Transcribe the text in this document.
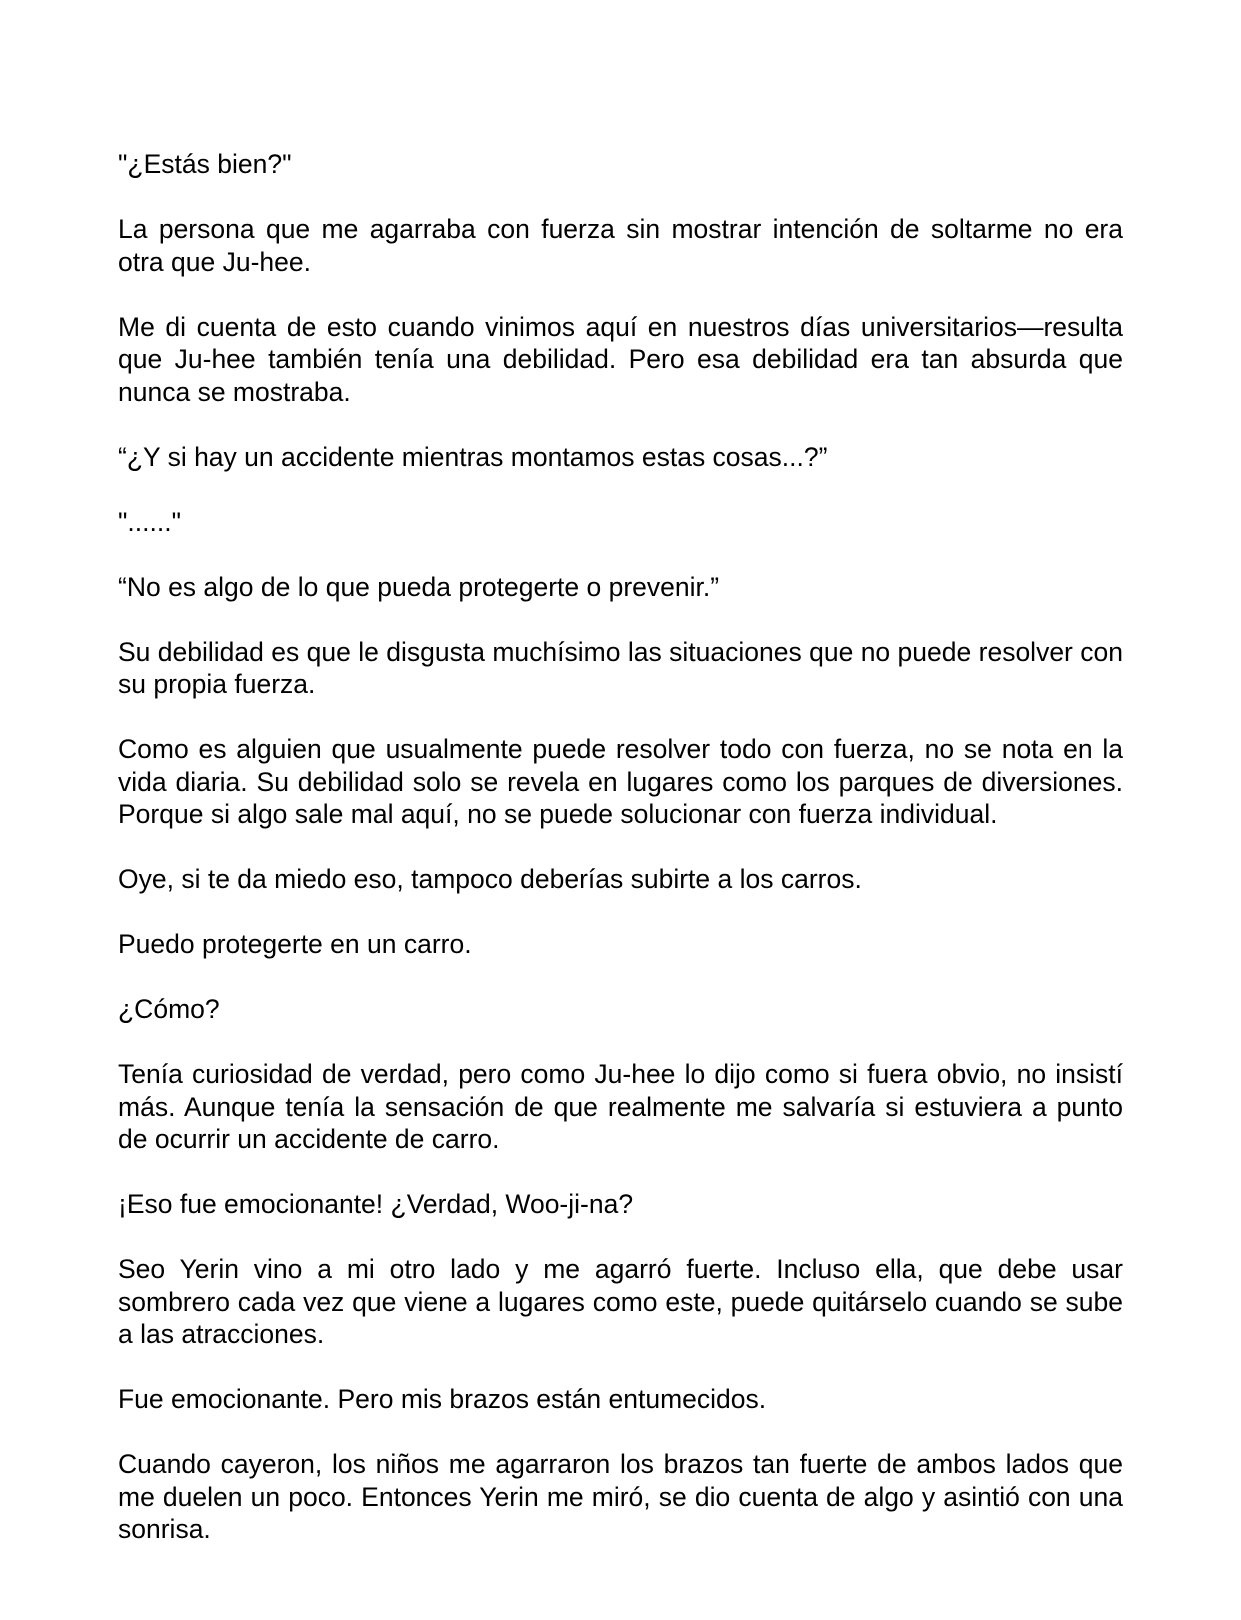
"¿Estás bien?"

La persona que me agarraba con fuerza sin mostrar intención de soltarme no era otra que Ju-hee.

Me di cuenta de esto cuando vinimos aquí en nuestros días universitarios—resulta que Ju-hee también tenía una debilidad. Pero esa debilidad era tan absurda que nunca se mostraba.

“¿Y si hay un accidente mientras montamos estas cosas...?”

"......"

“No es algo de lo que pueda protegerte o prevenir.”

Su debilidad es que le disgusta muchísimo las situaciones que no puede resolver con su propia fuerza.

Como es alguien que usualmente puede resolver todo con fuerza, no se nota en la vida diaria. Su debilidad solo se revela en lugares como los parques de diversiones. Porque si algo sale mal aquí, no se puede solucionar con fuerza individual.

Oye, si te da miedo eso, tampoco deberías subirte a los carros.

Puedo protegerte en un carro.

¿Cómo?

Tenía curiosidad de verdad, pero como Ju-hee lo dijo como si fuera obvio, no insistí más. Aunque tenía la sensación de que realmente me salvaría si estuviera a punto de ocurrir un accidente de carro.

¡Eso fue emocionante! ¿Verdad, Woo-ji-na?

Seo Yerin vino a mi otro lado y me agarró fuerte. Incluso ella, que debe usar sombrero cada vez que viene a lugares como este, puede quitárselo cuando se sube a las atracciones.

Fue emocionante. Pero mis brazos están entumecidos.

Cuando cayeron, los niños me agarraron los brazos tan fuerte de ambos lados que me duelen un poco. Entonces Yerin me miró, se dio cuenta de algo y asintió con una sonrisa.
